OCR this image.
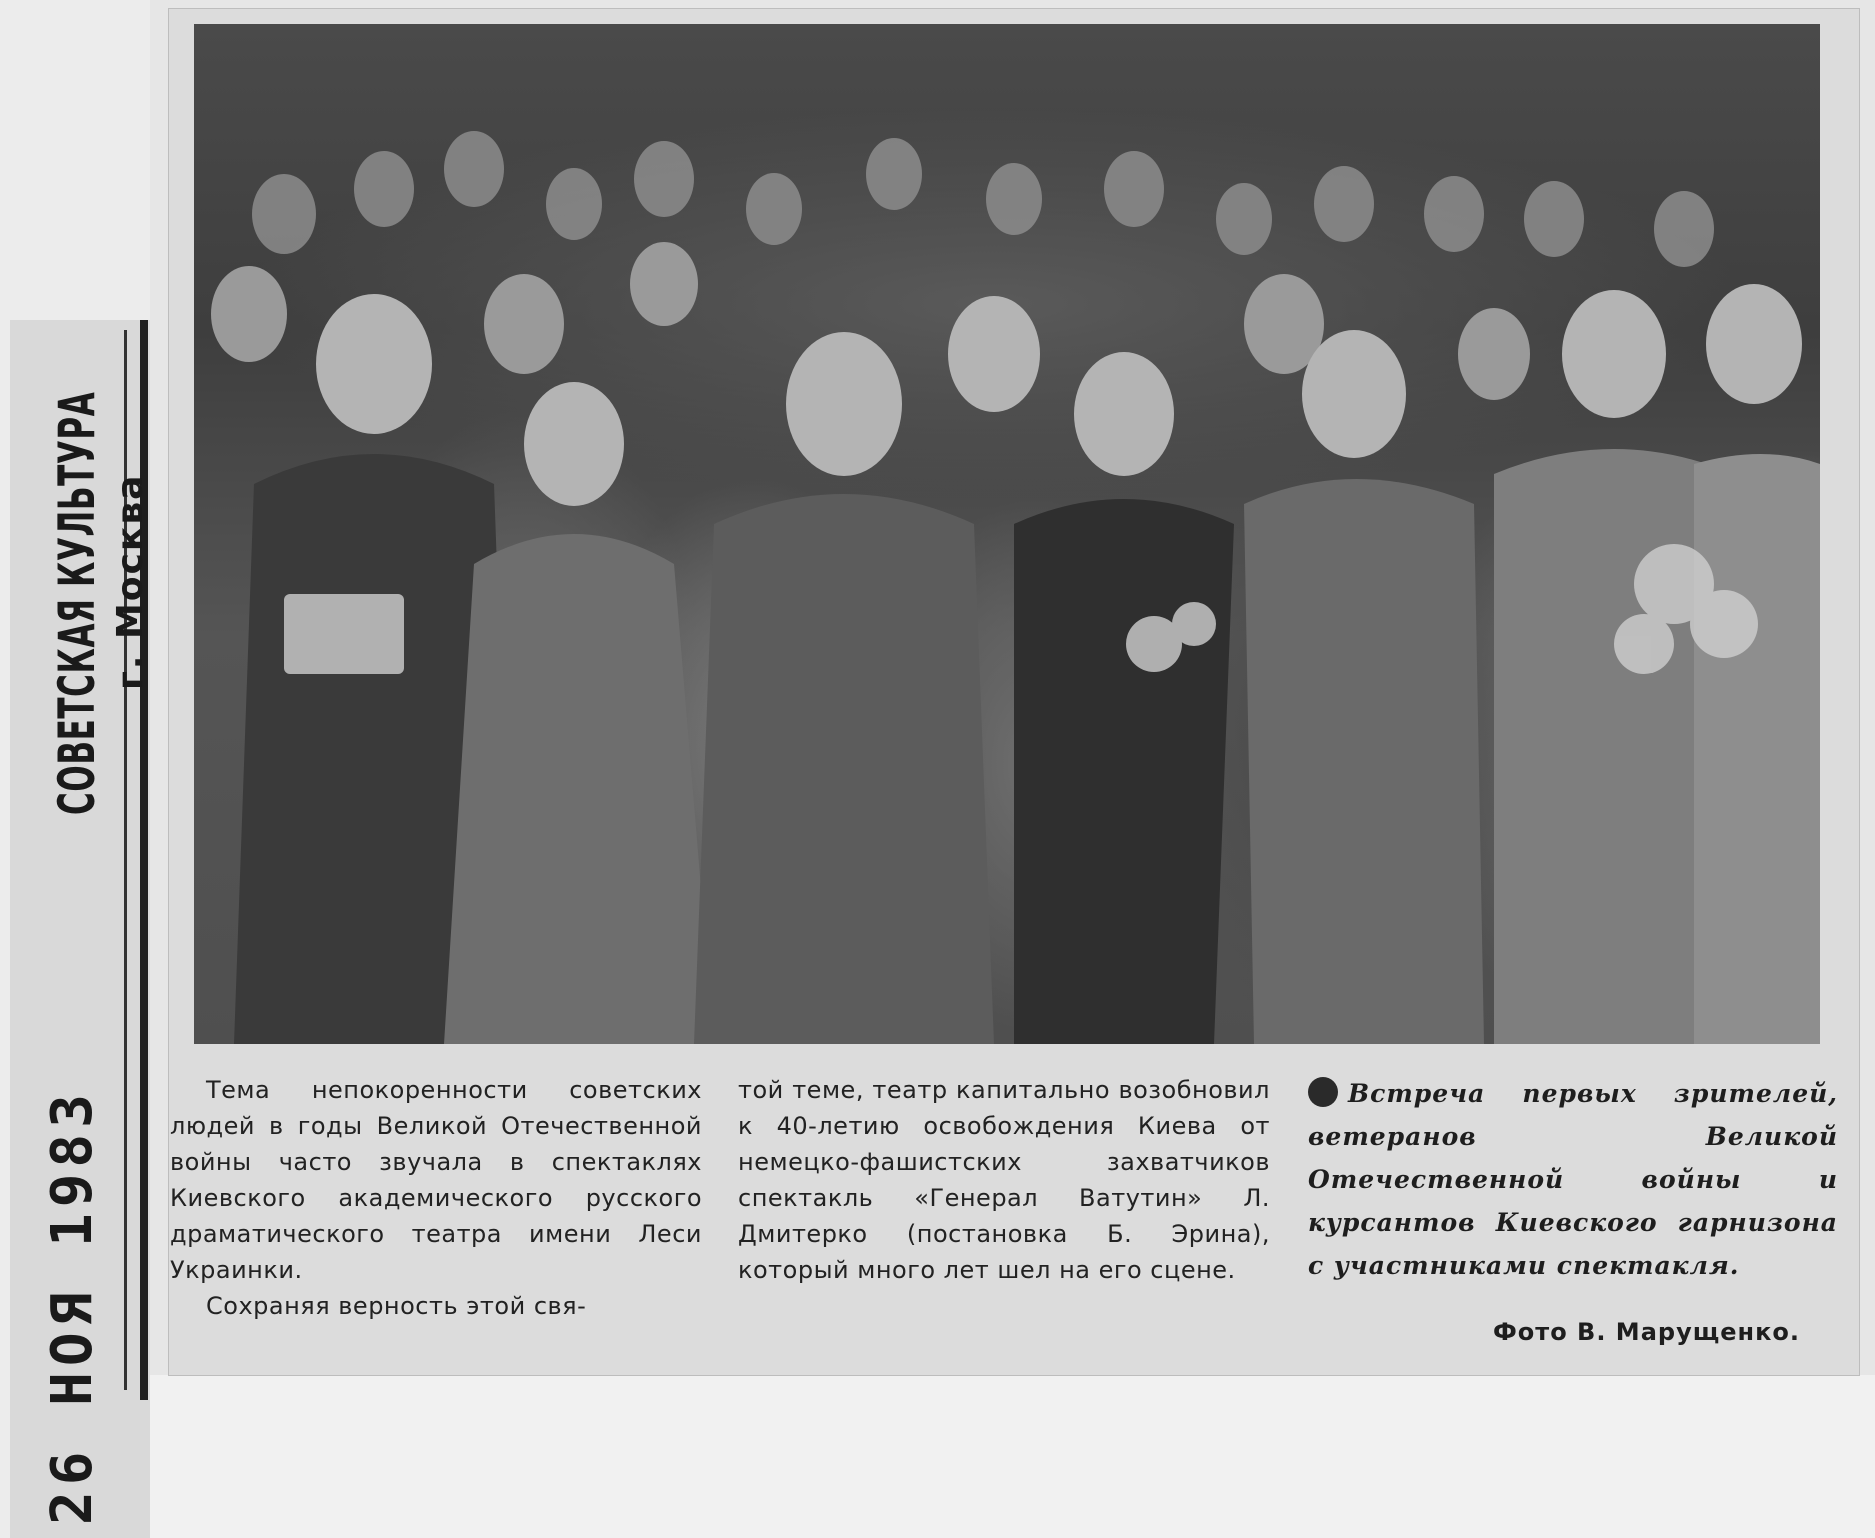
СОВЕТСКАЯ КУЛЬТУРА г. Москва
26 НОЯ 1983	Тема непокоренности советских людей в годы Великой Отечественной войны часто звучала в спектаклях Киевского академического русского драматического театра имени Леси Украинки.

Сохраняя верность этой свя-

той теме, театр капитально возобновил к 40-летию освобождения Киева от немецко-фашистских захватчиков спектакль «Генерал Ватутин» Л. Дмитерко (постановка Б. Эрина), который много лет шел на его сцене.

Встреча первых зрителей, ветеранов Великой Отечественной войны и курсантов Киевского гарнизона с участниками спектакля.
Фото В. Марущенко.
